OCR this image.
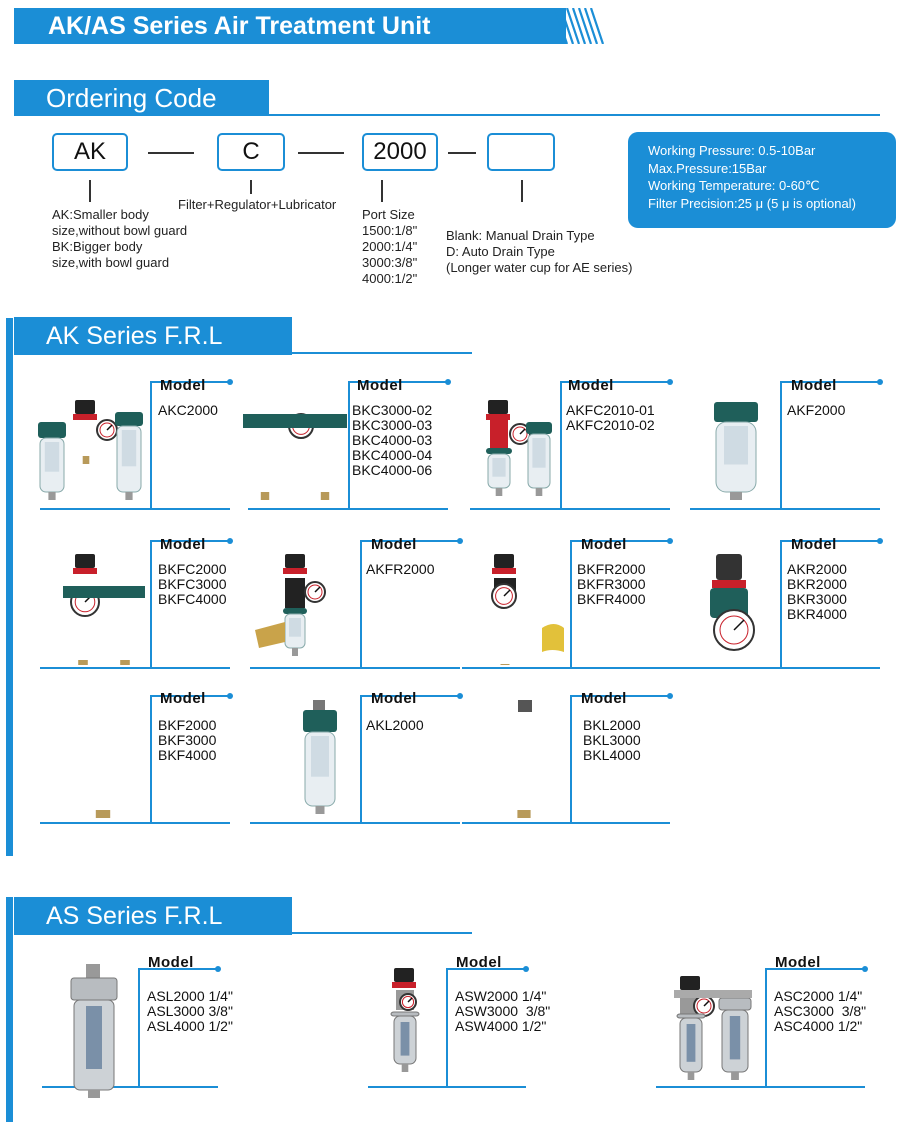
AK/AS Series Air Treatment Unit
Ordering Code
AK	C	2000
AK:Smaller body
size,without bowl guard
BK:Bigger body
size,with bowl guard
Filter+Regulator+Lubricator
Port Size
1500:1/8"
2000:1/4"
3000:3/8"
4000:1/2"
Blank: Manual Drain Type
D: Auto Drain Type
(Longer water cup for AE series)
Working Pressure: 0.5-10Bar
Max.Pressure:15Bar
Working Temperature: 0-60℃
Filter Precision:25 μ (5 μ is optional)
AK Series F.R.L
Model
AKC2000
Model
BKC3000-02
BKC3000-03
BKC4000-03
BKC4000-04
BKC4000-06
Model
AKFC2010-01
AKFC2010-02
Model
AKF2000
Model
BKFC2000
BKFC3000
BKFC4000
Model
AKFR2000
Model
BKFR2000
BKFR3000
BKFR4000
Model
AKR2000
BKR2000
BKR3000
BKR4000
Model
BKF2000
BKF3000
BKF4000
Model
AKL2000
Model
BKL2000
BKL3000
BKL4000
AS Series F.R.L
Model
ASL2000 1/4"
ASL3000 3/8"
ASL4000 1/2"
Model
ASW2000 1/4"
ASW3000  3/8"
ASW4000 1/2"
Model
ASC2000 1/4"
ASC3000  3/8"
ASC4000 1/2"
